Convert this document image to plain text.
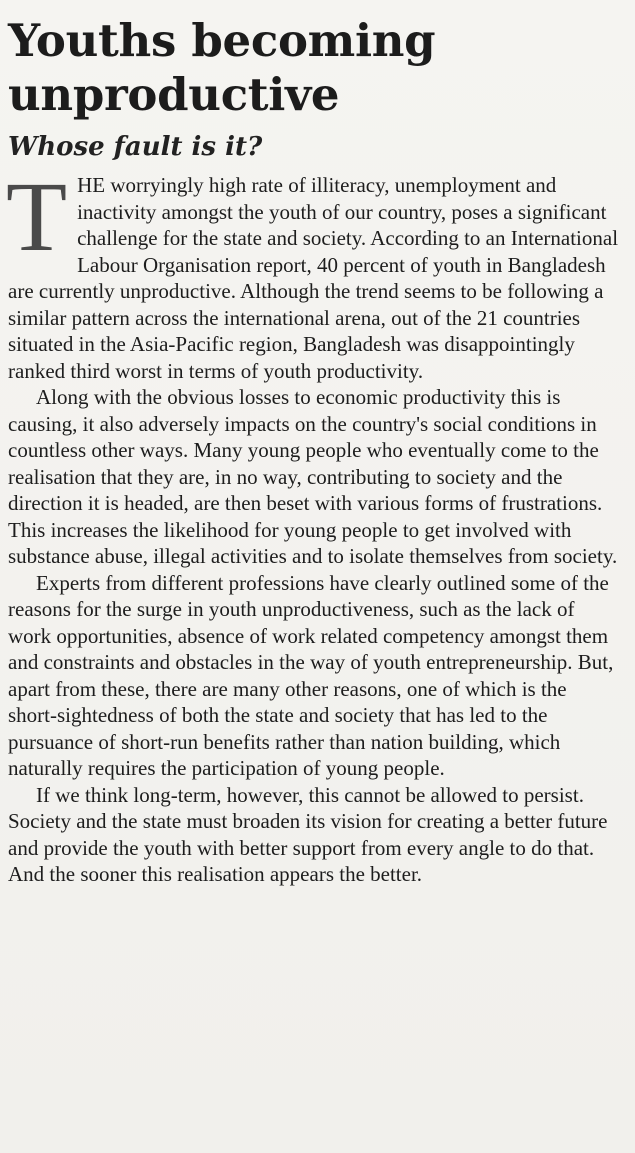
Youths becoming
unproductive
Whose fault is it?

THE worryingly high rate of illiteracy, unemployment and inactivity amongst the youth of our country, poses a significant challenge for the state and society. According to an International Labour Organisation report, 40 percent of youth in Bangladesh are currently unproductive. Although the trend seems to be following a similar pattern across the international arena, out of the 21 countries situated in the Asia-Pacific region, Bangladesh was disappointingly ranked third worst in terms of youth productivity.

Along with the obvious losses to economic productivity this is causing, it also adversely impacts on the country's social conditions in countless other ways. Many young people who eventually come to the realisation that they are, in no way, contributing to society and the direction it is headed, are then beset with various forms of frustrations. This increases the likelihood for young people to get involved with substance abuse, illegal activities and to isolate themselves from society.

Experts from different professions have clearly outlined some of the reasons for the surge in youth unproductiveness, such as the lack of work opportunities, absence of work related competency amongst them and constraints and obstacles in the way of youth entrepreneurship. But, apart from these, there are many other reasons, one of which is the short-sightedness of both the state and society that has led to the pursuance of short-run benefits rather than nation building, which naturally requires the participation of young people.

If we think long-term, however, this cannot be allowed to persist. Society and the state must broaden its vision for creating a better future and provide the youth with better support from every angle to do that. And the sooner this realisation appears the better.
